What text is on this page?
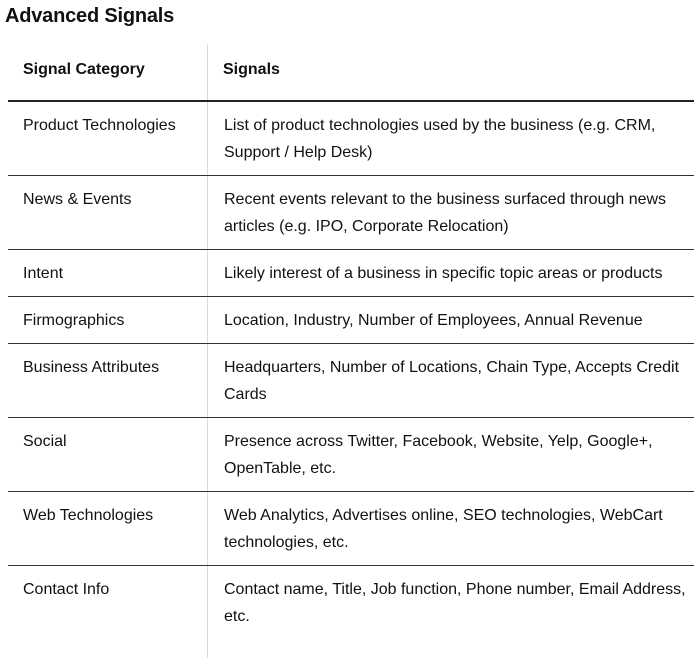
Advanced Signals
Signal Category	Signals
Product Technologies	List of product technologies used by the business (e.g. CRM, Support / Help Desk)
News & Events	Recent events relevant to the business surfaced through news articles (e.g. IPO, Corporate Relocation)
Intent	Likely interest of a business in specific topic areas or products
Firmographics	Location, Industry, Number of Employees, Annual Revenue
Business Attributes	Headquarters, Number of Locations, Chain Type, Accepts Credit Cards
Social	Presence across Twitter, Facebook, Website, Yelp, Google+, OpenTable, etc.
Web Technologies	Web Analytics, Advertises online, SEO technologies, WebCart technologies, etc.
Contact Info	Contact name, Title, Job function, Phone number, Email Address, etc.
